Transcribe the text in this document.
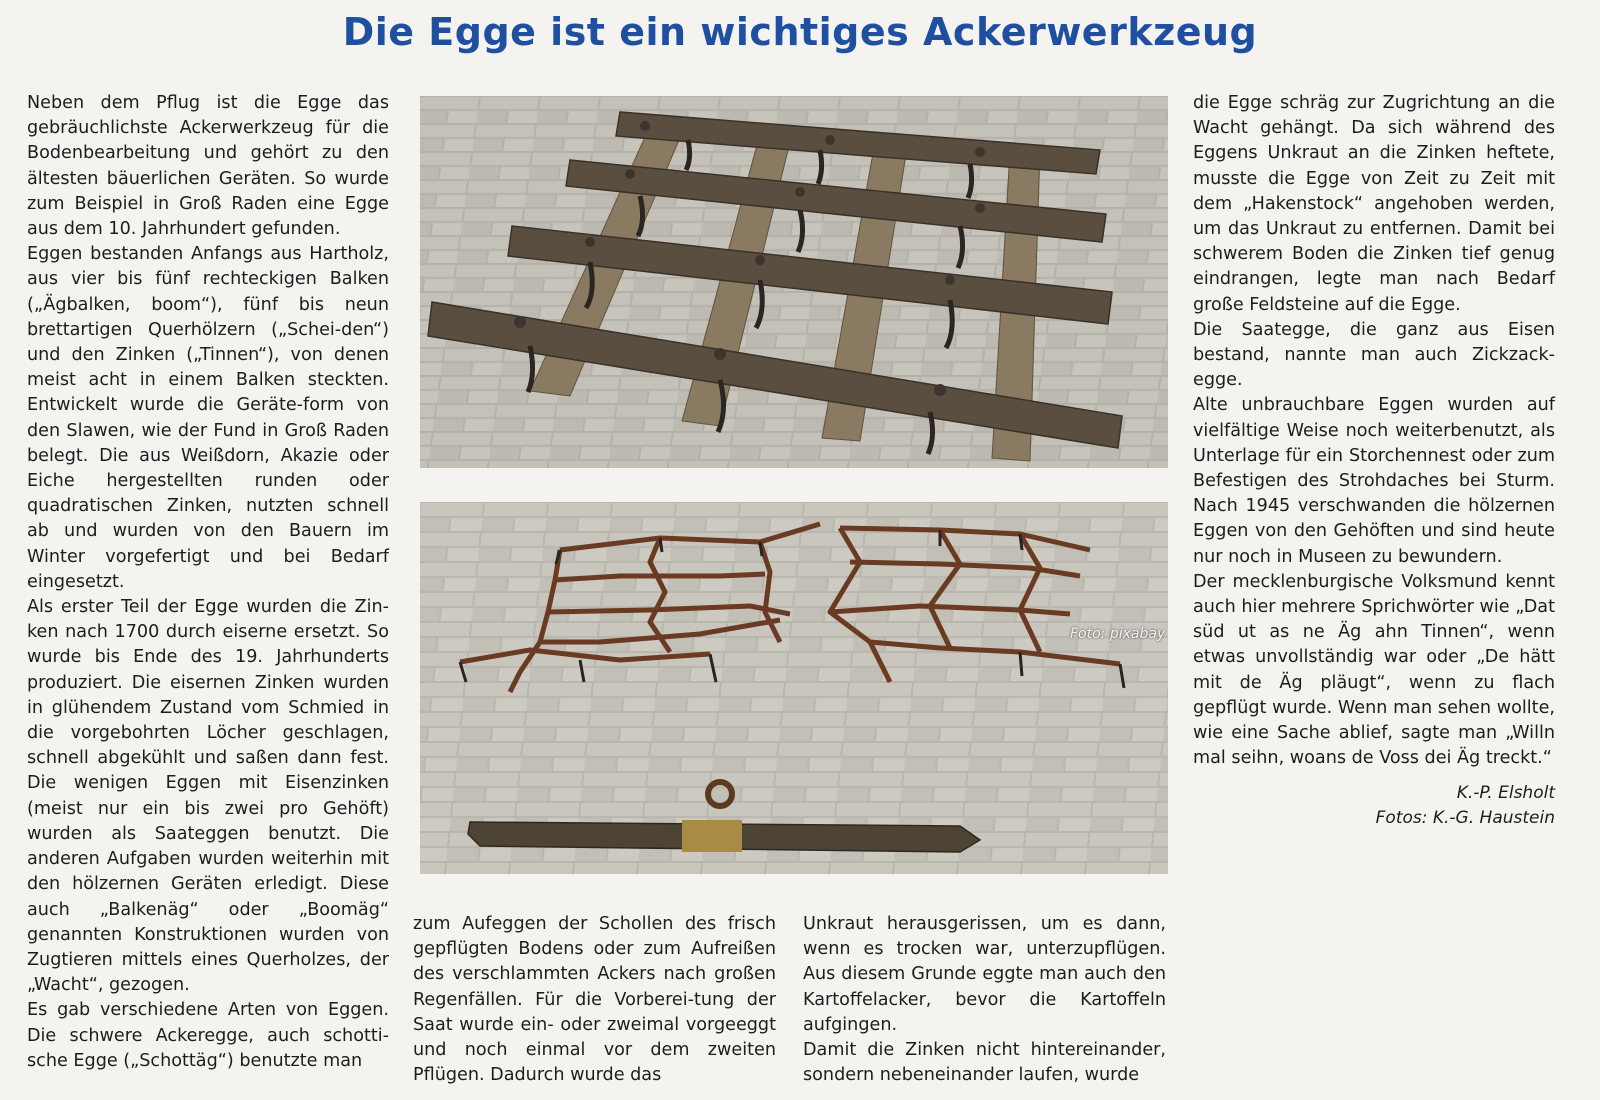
Die Egge ist ein wichtiges Ackerwerkzeug

Neben dem Pflug ist die Egge das gebräuchlichste Ackerwerkzeug für die Bodenbearbeitung und gehört zu den ältesten bäuerlichen Geräten. So wurde zum Beispiel in Groß Raden eine Egge aus dem 10. Jahrhundert gefunden.

Eggen bestanden Anfangs aus Hartholz, aus vier bis fünf rechteckigen Balken („Ägbalken, boom“), fünf bis neun brettartigen Querhölzern („Schei-den“) und den Zinken („Tinnen“), von denen meist acht in einem Balken steckten. Entwickelt wurde die Geräte-form von den Slawen, wie der Fund in Groß Raden belegt. Die aus Weißdorn, Akazie oder Eiche hergestellten runden oder quadratischen Zinken, nutzten schnell ab und wurden von den Bauern im Winter vorgefertigt und bei Bedarf eingesetzt.

Als erster Teil der Egge wurden die Zin-ken nach 1700 durch eiserne ersetzt. So wurde bis Ende des 19. Jahrhunderts produziert. Die eisernen Zinken wurden in glühendem Zustand vom Schmied in die vorgebohrten Löcher geschlagen, schnell abgekühlt und saßen dann fest. Die wenigen Eggen mit Eisenzinken (meist nur ein bis zwei pro Gehöft) wurden als Saateggen benutzt. Die anderen Aufgaben wurden weiterhin mit den hölzernen Geräten erledigt. Diese auch „Balkenäg“ oder „Boomäg“ genannten Konstruktionen wurden von Zugtieren mittels eines Querholzes, der „Wacht“, gezogen.

Es gab verschiedene Arten von Eggen. Die schwere Ackeregge, auch schotti-sche Egge („Schottäg“) benutzte man

Foto: pixabay

zum Aufeggen der Schollen des frisch gepflügten Bodens oder zum Aufreißen des verschlammten Ackers nach großen Regenfällen. Für die Vorberei-tung der Saat wurde ein- oder zweimal vorgeeggt und noch einmal vor dem zweiten Pflügen. Dadurch wurde das

Unkraut herausgerissen, um es dann, wenn es trocken war, unterzupflügen. Aus diesem Grunde eggte man auch den Kartoffelacker, bevor die Kartoffeln aufgingen.

Damit die Zinken nicht hintereinander, sondern nebeneinander laufen, wurde

die Egge schräg zur Zugrichtung an die Wacht gehängt. Da sich während des Eggens Unkraut an die Zinken heftete, musste die Egge von Zeit zu Zeit mit dem „Hakenstock“ angehoben werden, um das Unkraut zu entfernen. Damit bei schwerem Boden die Zinken tief genug eindrangen, legte man nach Bedarf große Feldsteine auf die Egge.

Die Saategge, die ganz aus Eisen bestand, nannte man auch Zickzack-egge.

Alte unbrauchbare Eggen wurden auf vielfältige Weise noch weiterbenutzt, als Unterlage für ein Storchennest oder zum Befestigen des Strohdaches bei Sturm. Nach 1945 verschwanden die hölzernen Eggen von den Gehöften und sind heute nur noch in Museen zu bewundern.

Der mecklenburgische Volksmund kennt auch hier mehrere Sprichwörter wie „Dat süd ut as ne Äg ahn Tinnen“, wenn etwas unvollständig war oder „De hätt mit de Äg pläugt“, wenn zu flach gepflügt wurde. Wenn man sehen wollte, wie eine Sache ablief, sagte man „Willn mal seihn, woans de Voss dei Äg treckt.“

K.-P. Elsholt
Fotos: K.-G. Haustein
